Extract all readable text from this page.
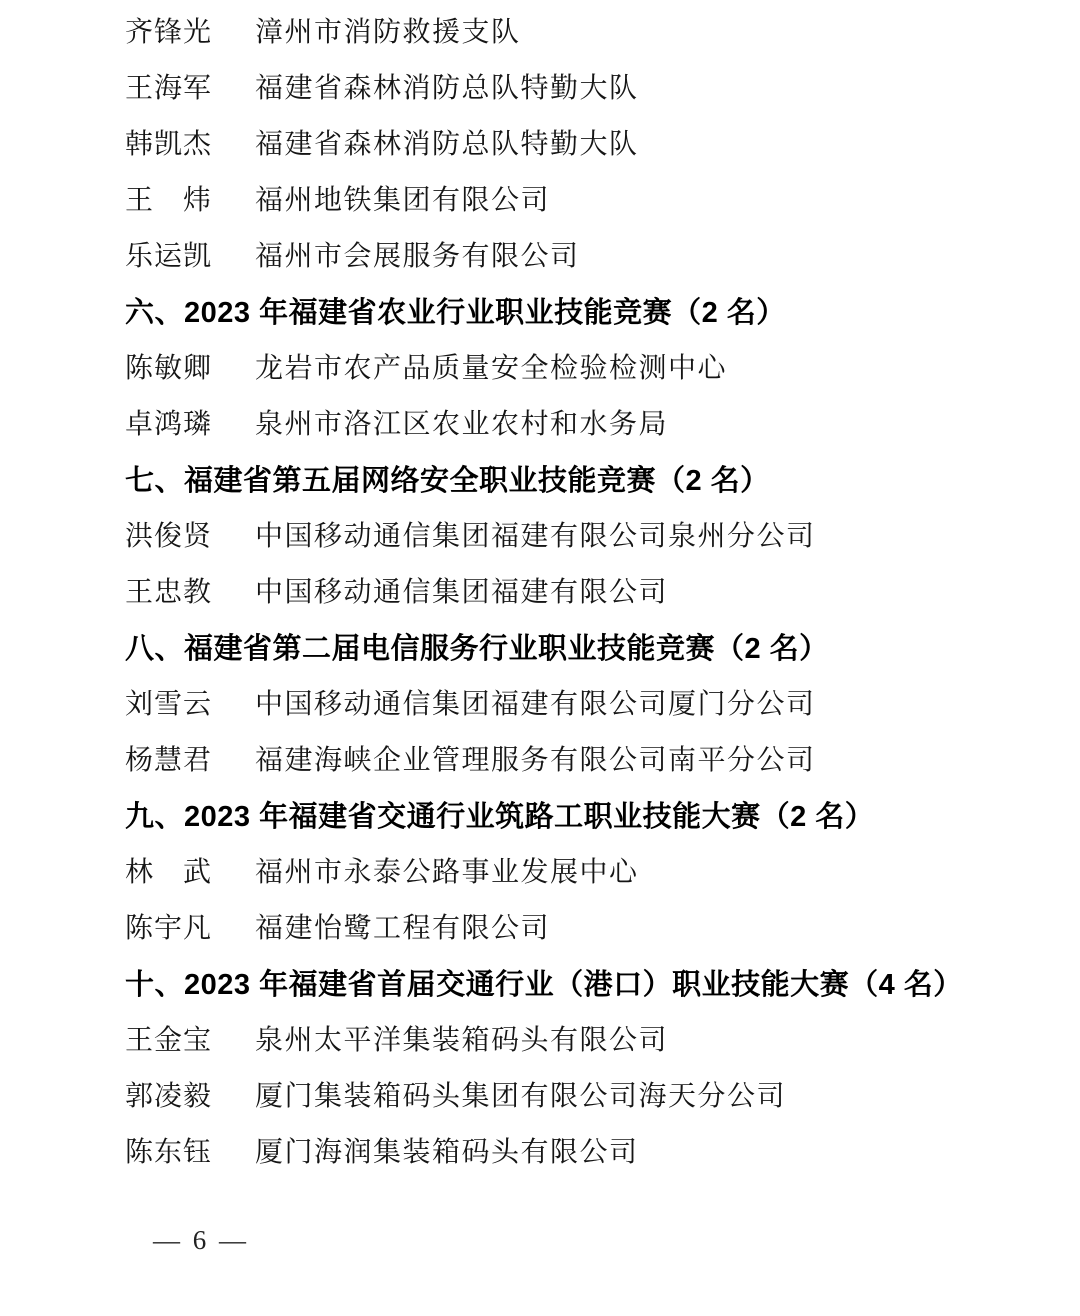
齐锋光	漳州市消防救援支队
王海军	福建省森林消防总队特勤大队
韩凯杰	福建省森林消防总队特勤大队
王　炜	福州地铁集团有限公司
乐运凯	福州市会展服务有限公司
六、2023 年福建省农业行业职业技能竞赛（2 名）
陈敏卿	龙岩市农产品质量安全检验检测中心
卓鸿璘	泉州市洛江区农业农村和水务局
七、福建省第五届网络安全职业技能竞赛（2 名）
洪俊贤	中国移动通信集团福建有限公司泉州分公司
王忠教	中国移动通信集团福建有限公司
八、福建省第二届电信服务行业职业技能竞赛（2 名）
刘雪云	中国移动通信集团福建有限公司厦门分公司
杨慧君	福建海峡企业管理服务有限公司南平分公司
九、2023 年福建省交通行业筑路工职业技能大赛（2 名）
林　武	福州市永泰公路事业发展中心
陈宇凡	福建怡鹭工程有限公司
十、2023 年福建省首届交通行业（港口）职业技能大赛（4 名）
王金宝	泉州太平洋集装箱码头有限公司
郭凌毅	厦门集装箱码头集团有限公司海天分公司
陈东钰	厦门海润集装箱码头有限公司
— 6 —
